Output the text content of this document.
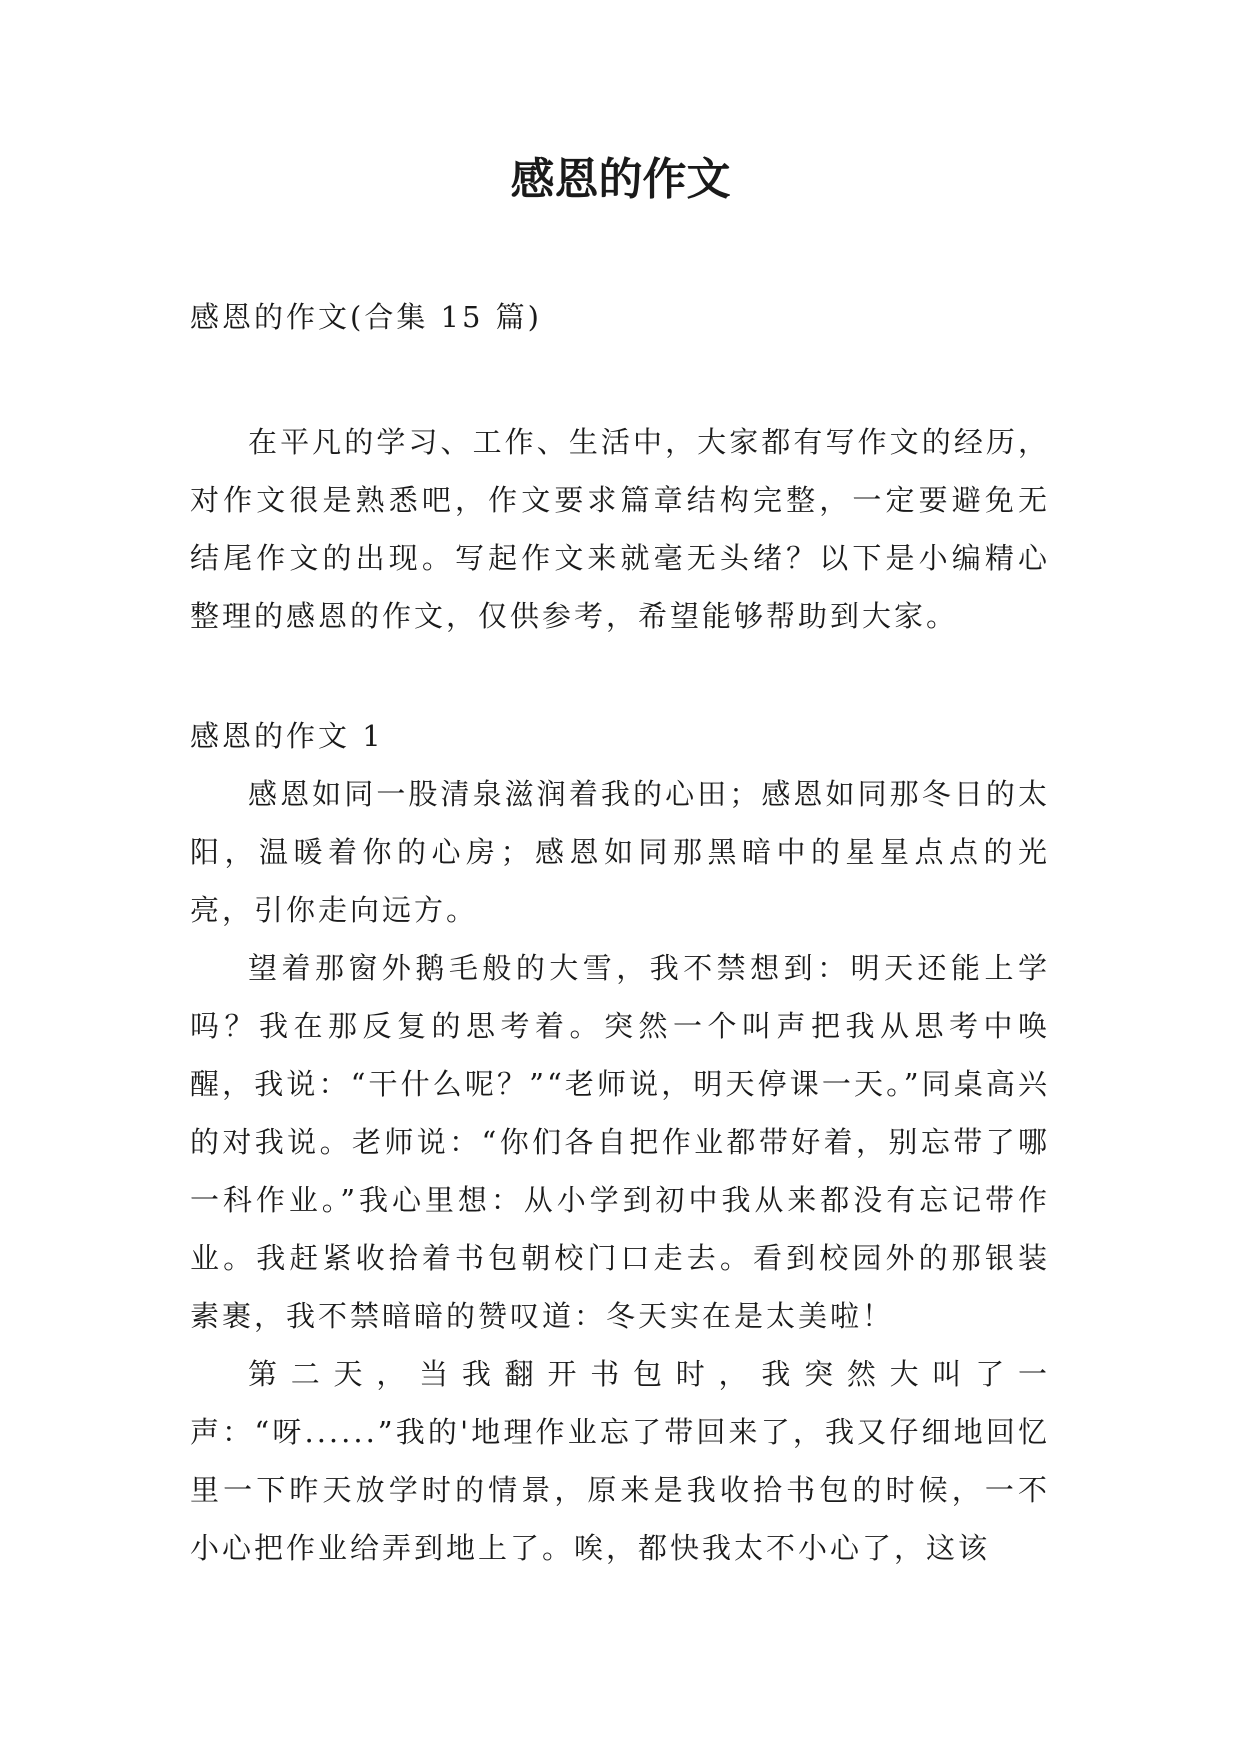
感恩的作文

感恩的作文(合集 15 篇)

在平凡的学习、工作、生活中，大家都有写作文的经历，对作文很是熟悉吧，作文要求篇章结构完整，一定要避免无结尾作文的出现。写起作文来就毫无头绪？以下是小编精心整理的感恩的作文，仅供参考，希望能够帮助到大家。

感恩的作文 1

感恩如同一股清泉滋润着我的心田；感恩如同那冬日的太阳，温暖着你的心房；感恩如同那黑暗中的星星点点的光亮，引你走向远方。

望着那窗外鹅毛般的大雪，我不禁想到：明天还能上学吗？我在那反复的思考着。突然一个叫声把我从思考中唤醒，我说：“干什么呢？”“老师说，明天停课一天。”同桌高兴的对我说。老师说：“你们各自把作业都带好着，别忘带了哪一科作业。”我心里想：从小学到初中我从来都没有忘记带作业。我赶紧收拾着书包朝校门口走去。看到校园外的那银装素裹，我不禁暗暗的赞叹道：冬天实在是太美啦！

第二天，当我翻开书包时，我突然大叫了一声：“呀......”我的'地理作业忘了带回来了，我又仔细地回忆里一下昨天放学时的情景，原来是我收拾书包的时候，一不小心把作业给弄到地上了。唉，都快我太不小心了，这该
